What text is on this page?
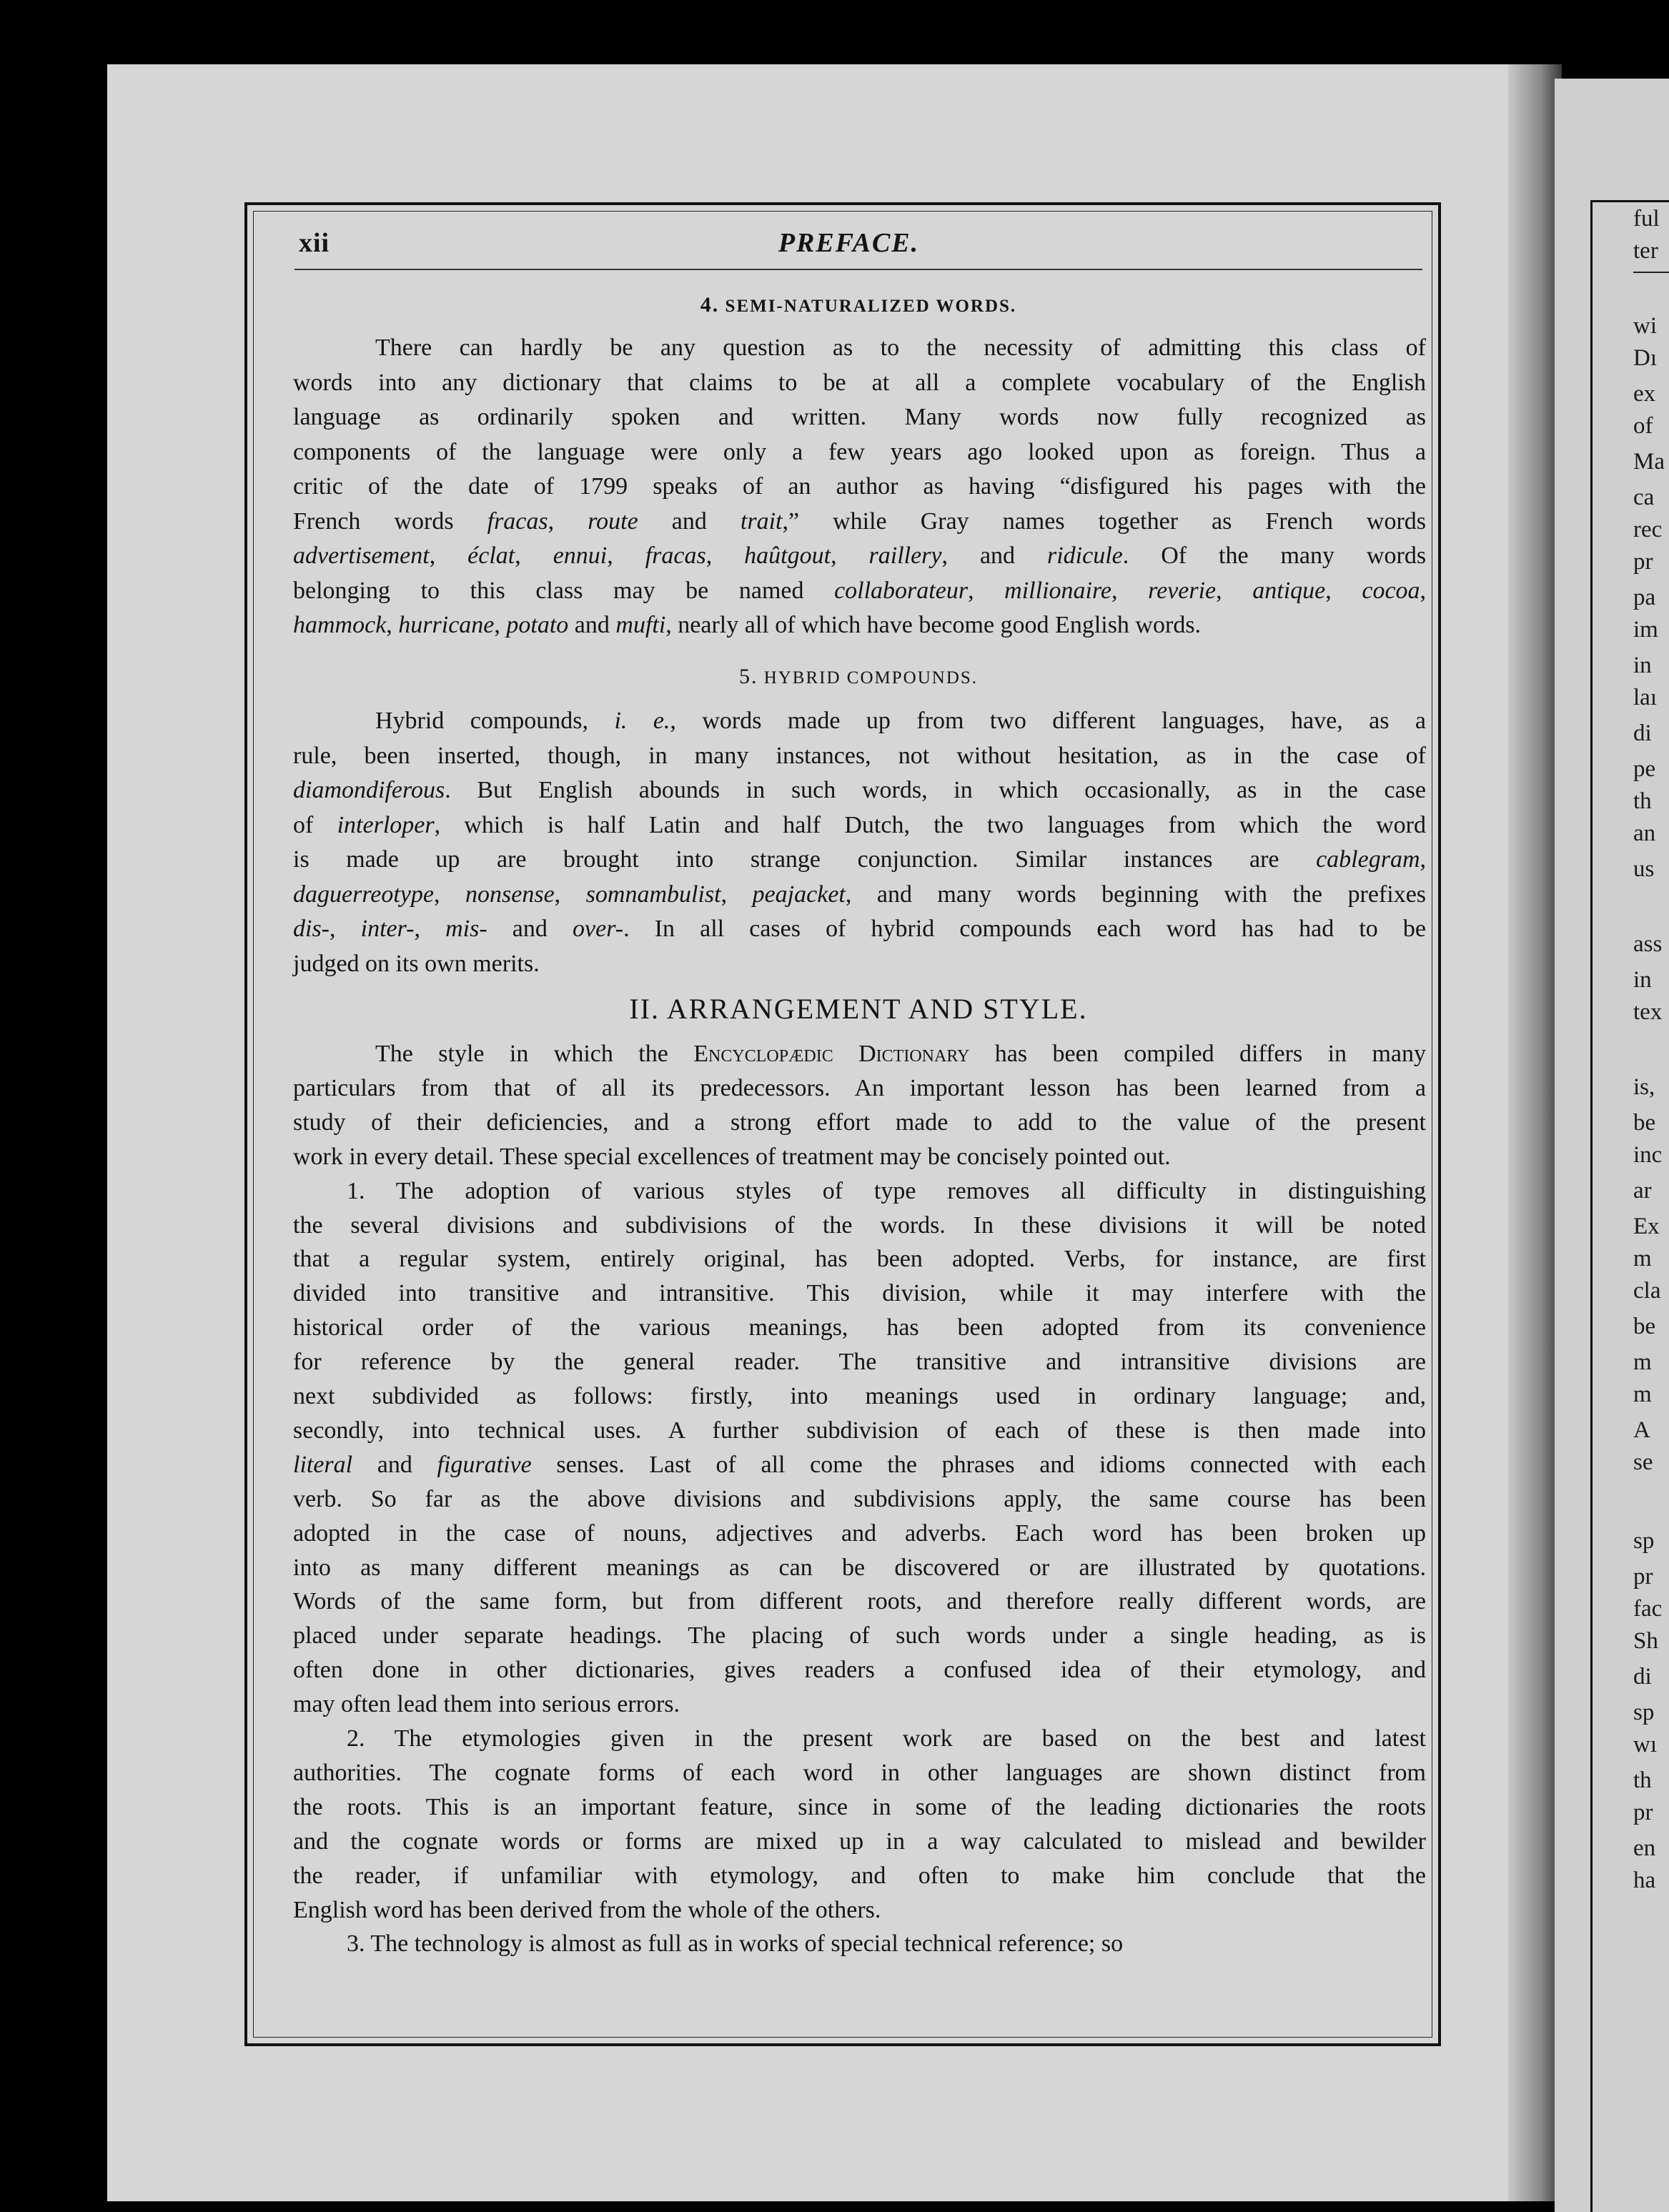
ful
ter
wi
Dı
ex
of
Ma
ca
rec
pr
pa
im
in
laı
di
pe
th
an
us
ass
in
tex
is,
be
inc
ar
Ex
m
cla
be
m
m
A
se
sp
pr
fac
Sh
di
sp
wı
th
pr
en
ha
xii	PREFACE.
4. SEMI-NATURALIZED WORDS.
There can hardly be any question as to the necessity of admitting this class of
words into any dictionary that claims to be at all a complete vocabulary of the English
language as ordinarily spoken and written. Many words now fully recognized as
components of the language were only a few years ago looked upon as foreign. Thus a
critic of the date of 1799 speaks of an author as having “disfigured his pages with the
French words fracas, route and trait,” while Gray names together as French words
advertisement, éclat, ennui, fracas, haûtgout, raillery, and ridicule. Of the many words
belonging to this class may be named collaborateur, millionaire, reverie, antique, cocoa,
hammock, hurricane, potato and mufti, nearly all of which have become good English words.
5. HYBRID COMPOUNDS.
Hybrid compounds, i. e., words made up from two different languages, have, as a
rule, been inserted, though, in many instances, not without hesitation, as in the case of
diamondiferous. But English abounds in such words, in which occasionally, as in the case
of interloper, which is half Latin and half Dutch, the two languages from which the word
is made up are brought into strange conjunction. Similar instances are cablegram,
daguerreotype, nonsense, somnambulist, peajacket, and many words beginning with the prefixes
dis-, inter-, mis- and over-. In all cases of hybrid compounds each word has had to be
judged on its own merits.
II. ARRANGEMENT AND STYLE.
The style in which the Encyclopædic Dictionary has been compiled differs in many
particulars from that of all its predecessors. An important lesson has been learned from a
study of their deficiencies, and a strong effort made to add to the value of the present
work in every detail. These special excellences of treatment may be concisely pointed out.
1. The adoption of various styles of type removes all difficulty in distinguishing
the several divisions and subdivisions of the words. In these divisions it will be noted
that a regular system, entirely original, has been adopted. Verbs, for instance, are first
divided into transitive and intransitive. This division, while it may interfere with the
historical order of the various meanings, has been adopted from its convenience
for reference by the general reader. The transitive and intransitive divisions are
next subdivided as follows: firstly, into meanings used in ordinary language; and,
secondly, into technical uses. A further subdivision of each of these is then made into
literal and figurative senses. Last of all come the phrases and idioms connected with each
verb. So far as the above divisions and subdivisions apply, the same course has been
adopted in the case of nouns, adjectives and adverbs. Each word has been broken up
into as many different meanings as can be discovered or are illustrated by quotations.
Words of the same form, but from different roots, and therefore really different words, are
placed under separate headings. The placing of such words under a single heading, as is
often done in other dictionaries, gives readers a confused idea of their etymology, and
may often lead them into serious errors.
2. The etymologies given in the present work are based on the best and latest
authorities. The cognate forms of each word in other languages are shown distinct from
the roots. This is an important feature, since in some of the leading dictionaries the roots
and the cognate words or forms are mixed up in a way calculated to mislead and bewilder
the reader, if unfamiliar with etymology, and often to make him conclude that the
English word has been derived from the whole of the others.
3. The technology is almost as full as in works of special technical reference; so
